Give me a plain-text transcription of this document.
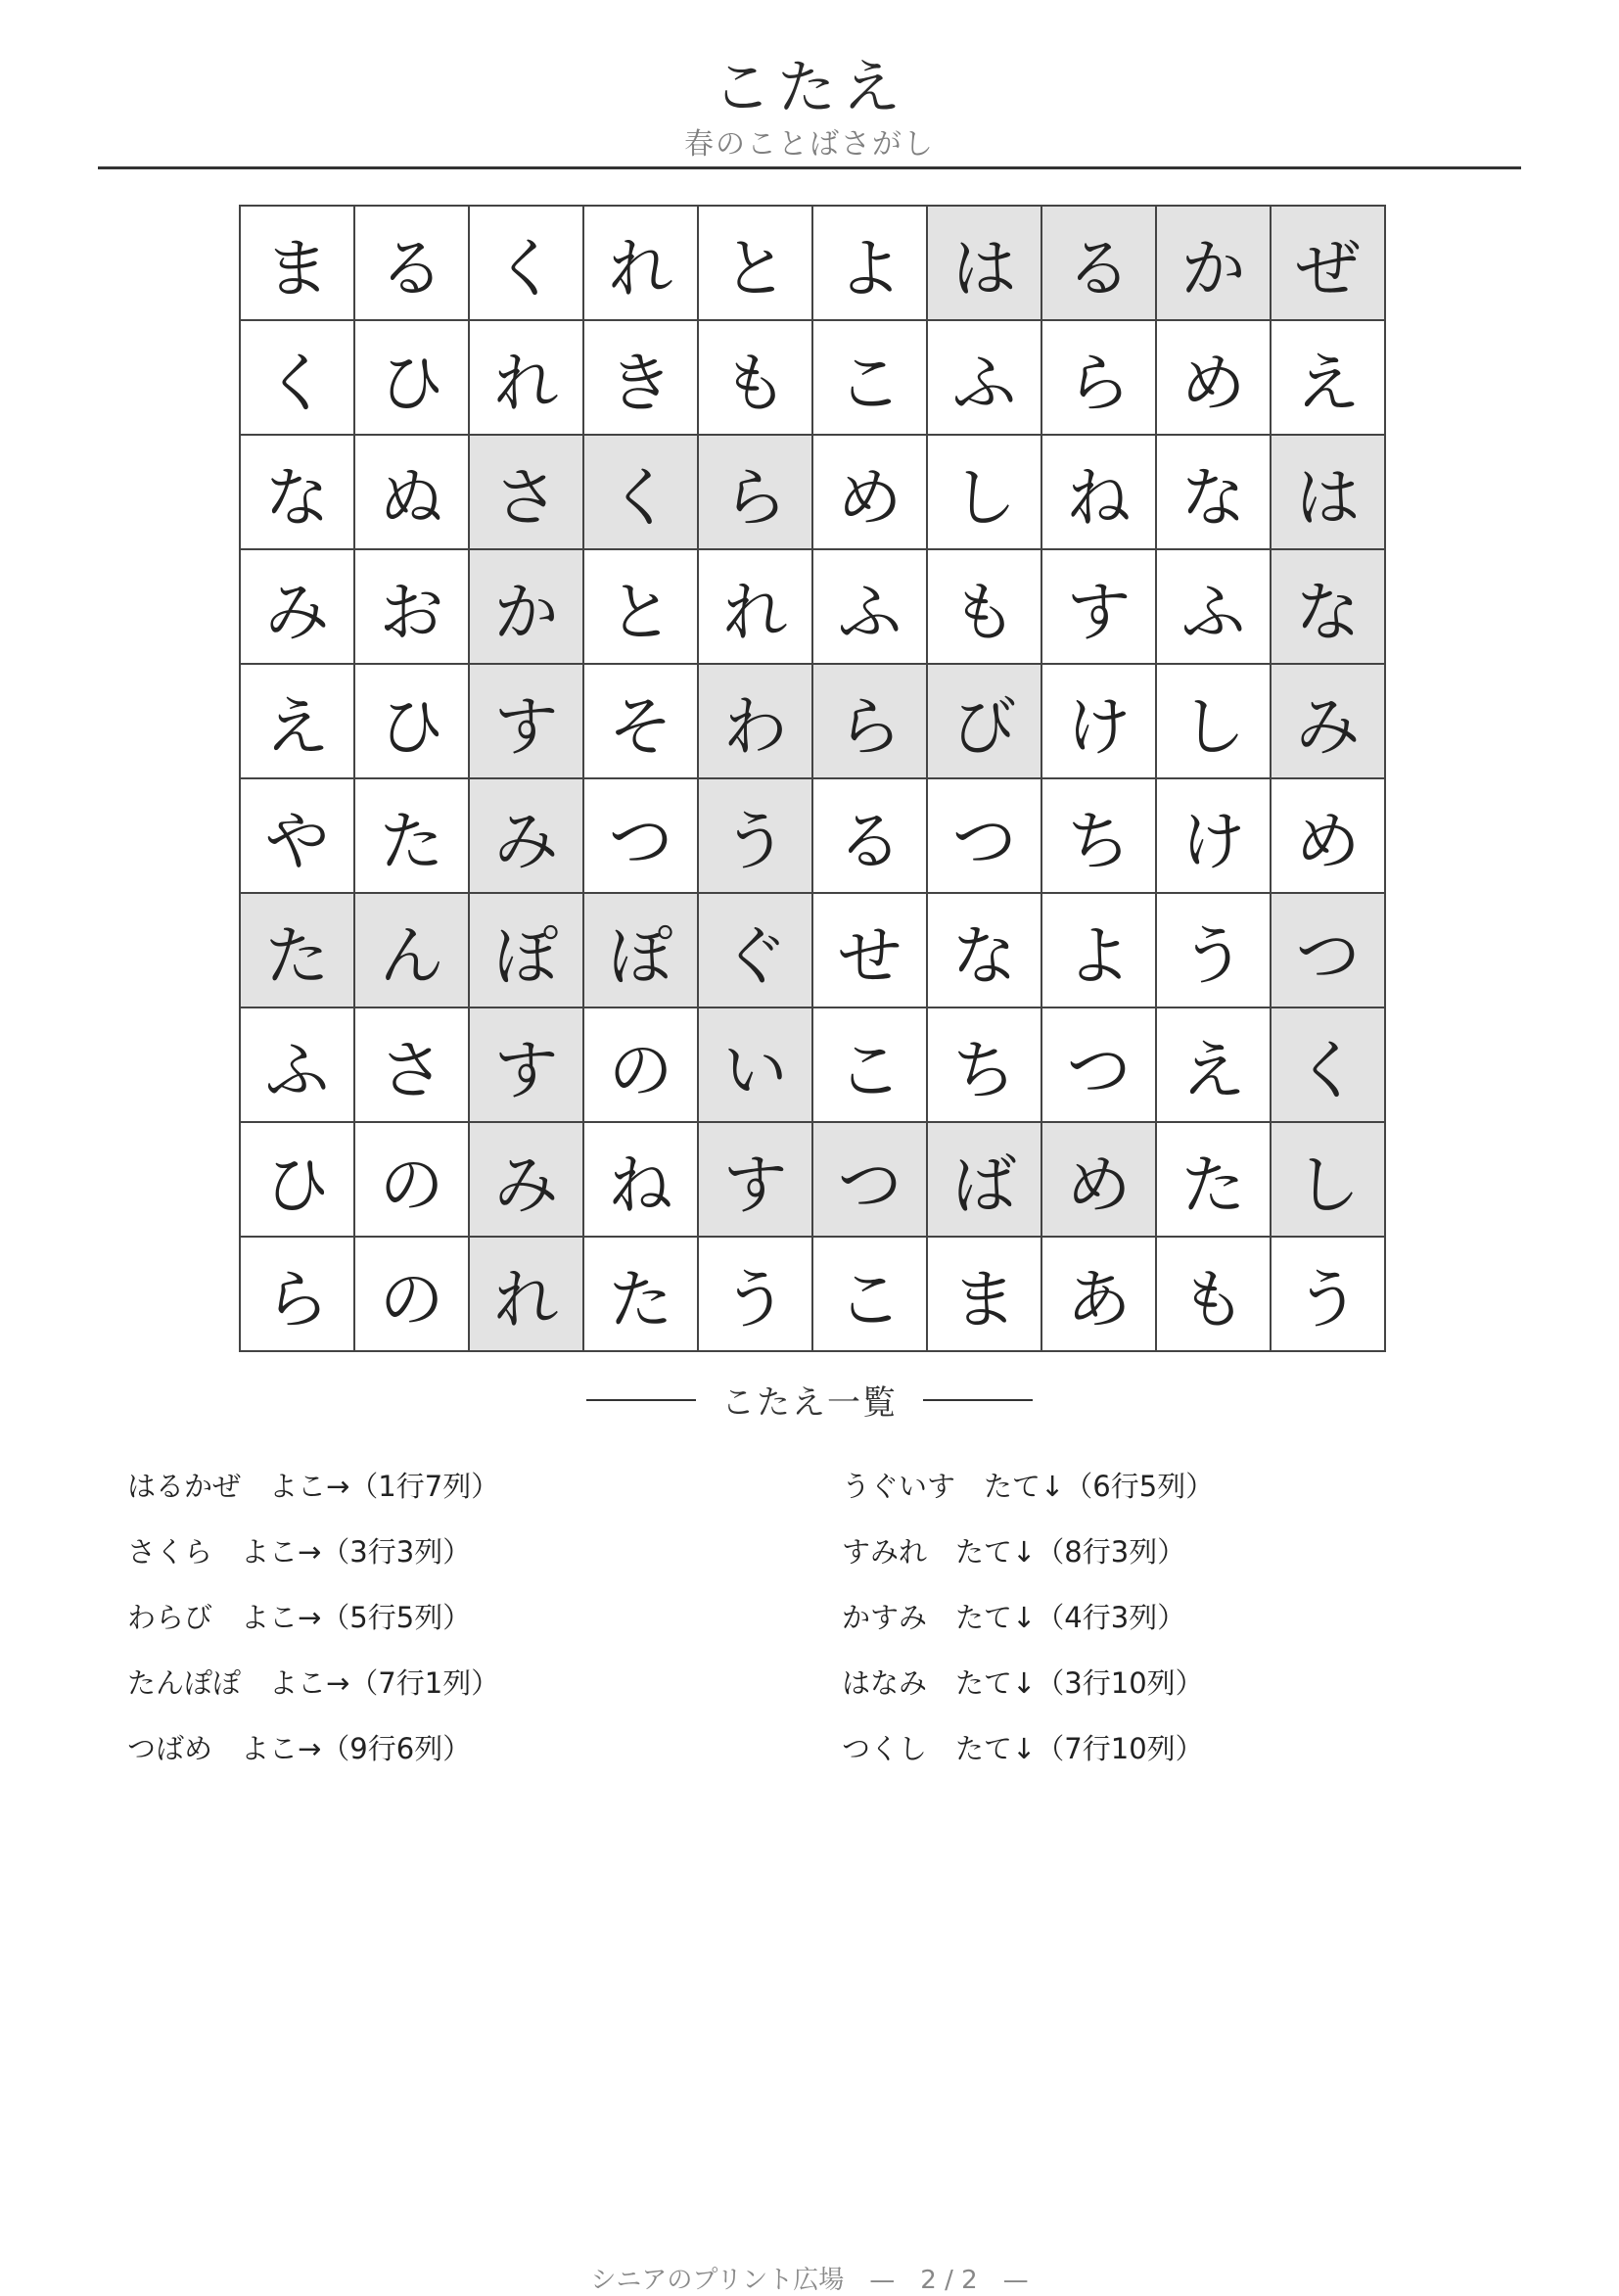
こたえ
春のことばさがし
ま る く れ と よ は る か ぜ
く ひ れ き も こ ふ ら め え
な ぬ さ く ら め し ね な は
み お か と れ ふ も す ふ な
え ひ す そ わ ら び け し み
や た み つ う る つ ち け め
た ん ぽ ぽ ぐ せ な よ う つ
ふ さ す の い こ ち つ え く
ひ の み ね す つ ば め た し
ら の れ た う こ ま あ も う
こたえ一覧
はるかぜ　よこ→（1行7列）
さくら　よこ→（3行3列）
わらび　よこ→（5行5列）
たんぽぽ　よこ→（7行1列）
つばめ　よこ→（9行6列）
うぐいす　たて↓（6行5列）
すみれ　たて↓（8行3列）
かすみ　たて↓（4行3列）
はなみ　たて↓（3行10列）
つくし　たて↓（7行10列）
シニアのプリント広場　—　2 / 2　—
